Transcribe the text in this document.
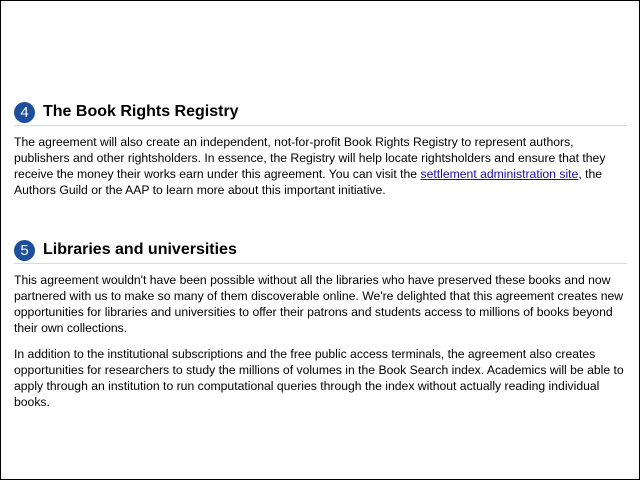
4 The Book Rights Registry

The agreement will also create an independent, not-for-profit Book Rights Registry to represent authors, publishers and other rightsholders. In essence, the Registry will help locate rightsholders and ensure that they receive the money their works earn under this agreement. You can visit the settlement administration site, the Authors Guild or the AAP to learn more about this important initiative.

5 Libraries and universities

This agreement wouldn't have been possible without all the libraries who have preserved these books and now partnered with us to make so many of them discoverable online. We're delighted that this agreement creates new opportunities for libraries and universities to offer their patrons and students access to millions of books beyond their own collections.

In addition to the institutional subscriptions and the free public access terminals, the agreement also creates opportunities for researchers to study the millions of volumes in the Book Search index. Academics will be able to apply through an institution to run computational queries through the index without actually reading individual books.
